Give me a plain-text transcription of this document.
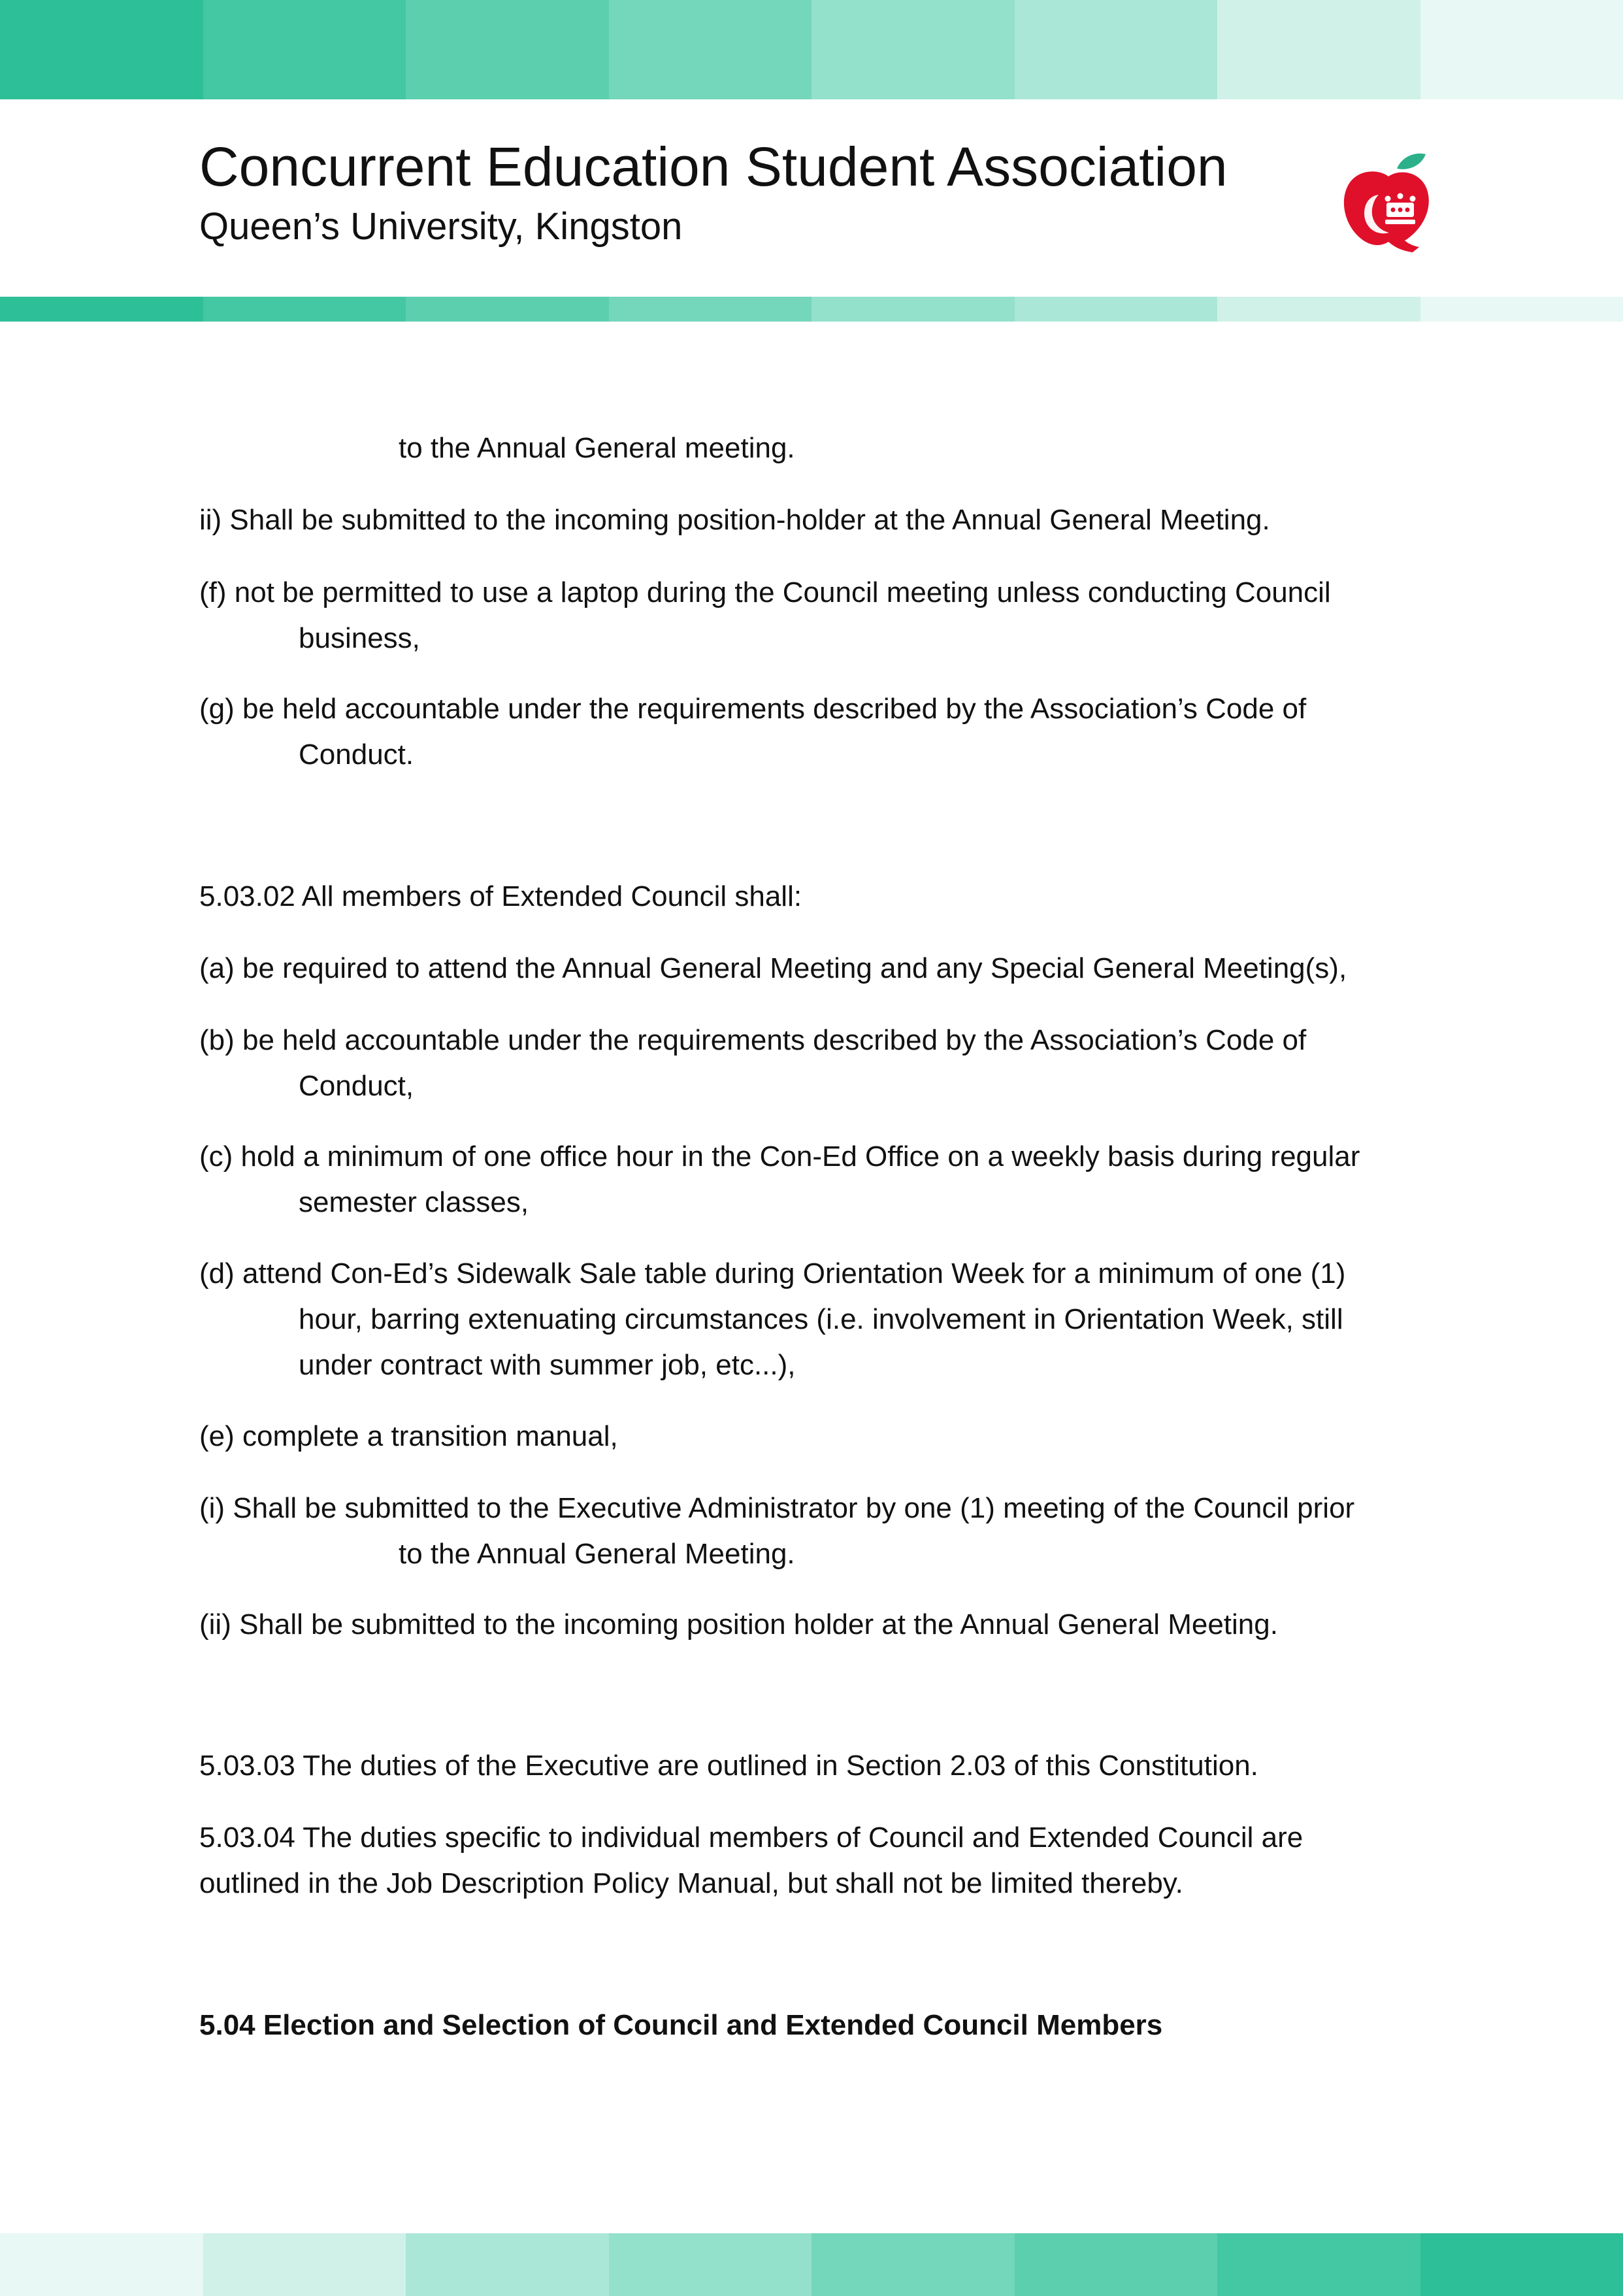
Concurrent Education Student Association
Queen’s University, Kingston
to the Annual General meeting.
ii) Shall be submitted to the incoming position-holder at the Annual General Meeting.
(f) not be permitted to use a laptop during the Council meeting unless conducting Council
business,
(g) be held accountable under the requirements described by the Association’s Code of
Conduct.
5.03.02 All members of Extended Council shall:
(a) be required to attend the Annual General Meeting and any Special General Meeting(s),
(b) be held accountable under the requirements described by the Association’s Code of
Conduct,
(c) hold a minimum of one office hour in the Con-Ed Office on a weekly basis during regular
semester classes,
(d) attend Con-Ed’s Sidewalk Sale table during Orientation Week for a minimum of one (1)
hour, barring extenuating circumstances (i.e. involvement in Orientation Week, still
under contract with summer job, etc...),
(e) complete a transition manual,
(i) Shall be submitted to the Executive Administrator by one (1) meeting of the Council prior
to the Annual General Meeting.
(ii) Shall be submitted to the incoming position holder at the Annual General Meeting.
5.03.03 The duties of the Executive are outlined in Section 2.03 of this Constitution.
5.03.04 The duties specific to individual members of Council and Extended Council are
outlined in the Job Description Policy Manual, but shall not be limited thereby.
5.04 Election and Selection of Council and Extended Council Members
